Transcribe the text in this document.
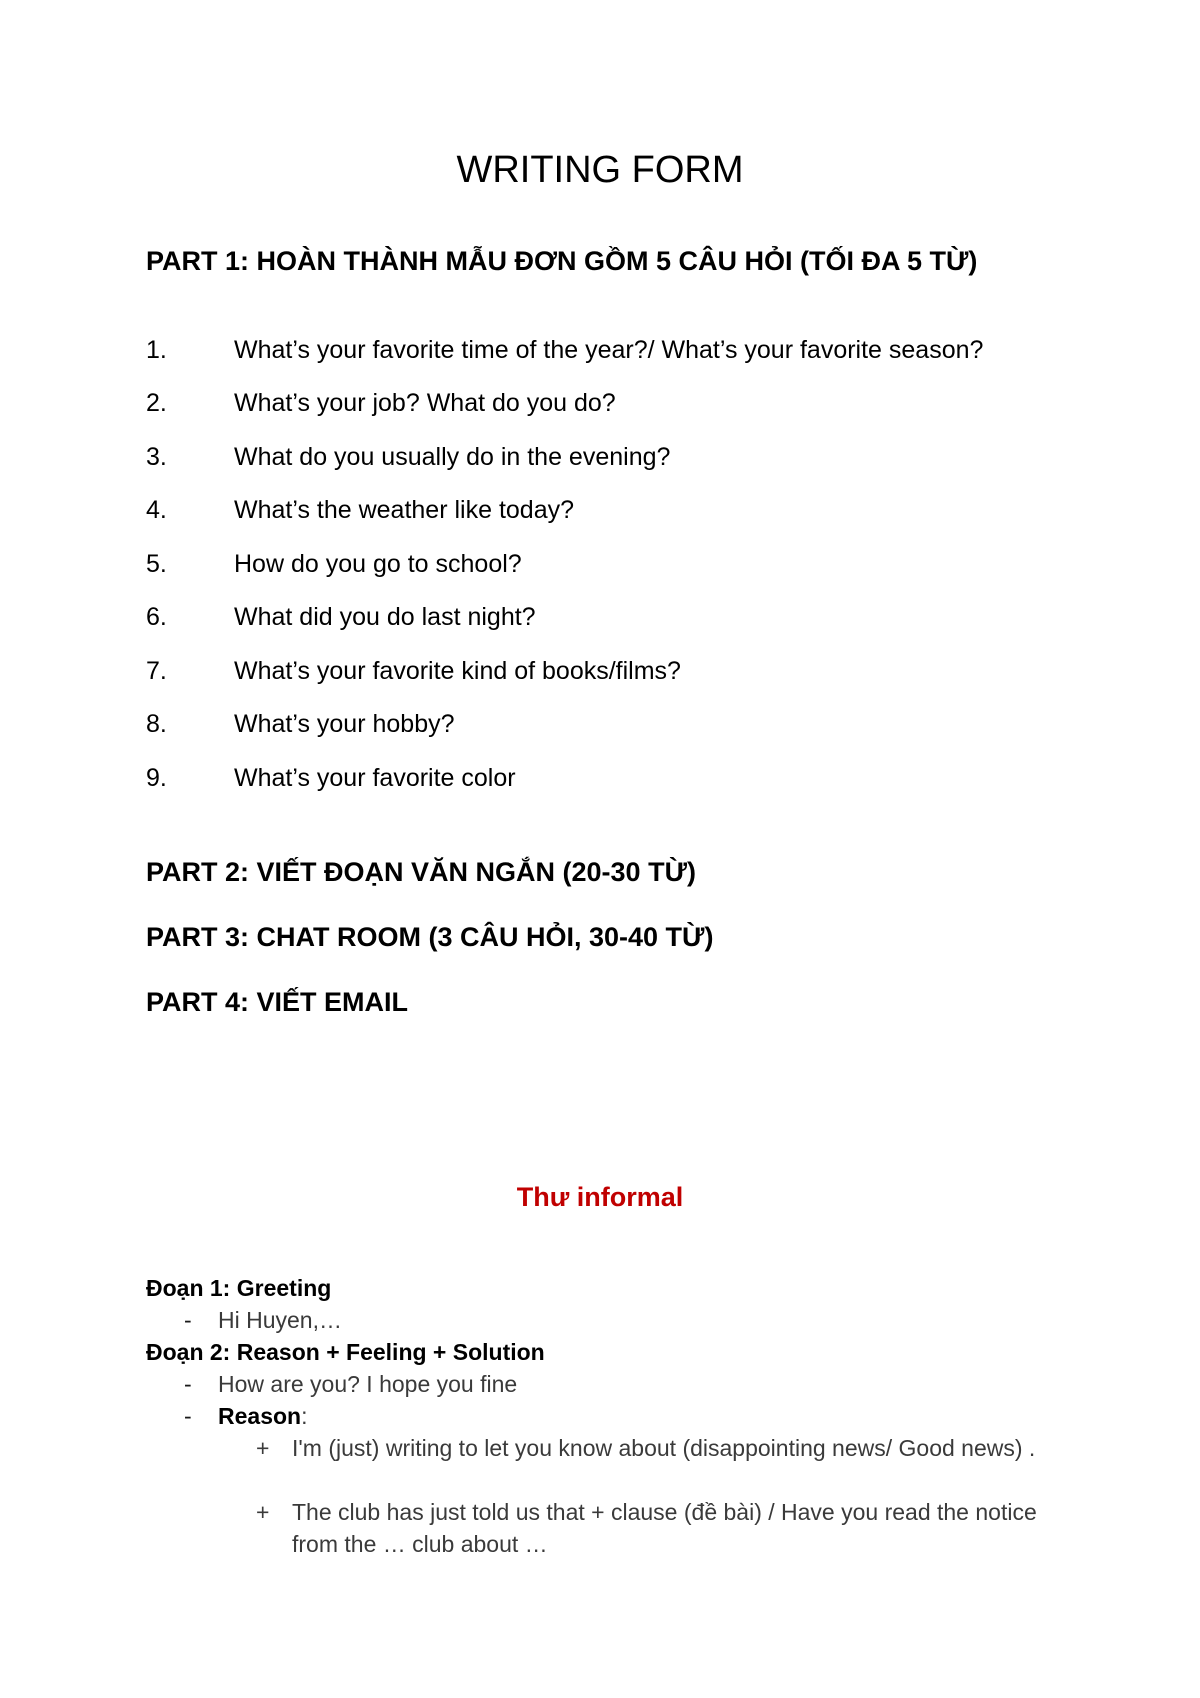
WRITING FORM
PART 1: HOÀN THÀNH MẪU ĐƠN GỒM 5 CÂU HỎI (TỐI ĐA 5 TỪ)
1.	What’s your favorite time of the year?/ What’s your favorite season?
2.	What’s your job? What do you do?
3.	What do you usually do in the evening?
4.	What’s the weather like today?
5.	How do you go to school?
6.	What did you do last night?
7.	What’s your favorite kind of books/films?
8.	What’s your hobby?
9.	What’s your favorite color
PART 2: VIẾT ĐOẠN VĂN NGẮN (20-30 TỪ)
PART 3: CHAT ROOM (3 CÂU HỎI, 30-40 TỪ)
PART 4: VIẾT EMAIL
Thư informal
Đoạn 1: Greeting
- Hi Huyen,…
Đoạn 2: Reason + Feeling + Solution
- How are you? I hope you fine
- Reason:
+ I'm (just) writing to let you know about (disappointing news/ Good news) .
+ The club has just told us that + clause (đề bài) / Have you read the notice from the … club about …
